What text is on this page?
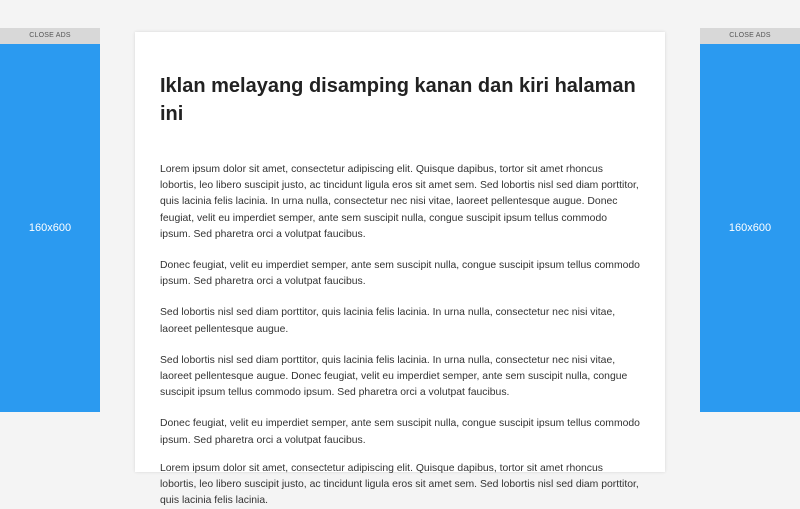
CLOSE ADS
160x600
Iklan melayang disamping kanan dan kiri halaman ini

Lorem ipsum dolor sit amet, consectetur adipiscing elit. Quisque dapibus, tortor sit amet rhoncus lobortis, leo libero suscipit justo, ac tincidunt ligula eros sit amet sem. Sed lobortis nisl sed diam porttitor, quis lacinia felis lacinia. In urna nulla, consectetur nec nisi vitae, laoreet pellentesque augue. Donec feugiat, velit eu imperdiet semper, ante sem suscipit nulla, congue suscipit ipsum tellus commodo ipsum. Sed pharetra orci a volutpat faucibus.

Donec feugiat, velit eu imperdiet semper, ante sem suscipit nulla, congue suscipit ipsum tellus commodo ipsum. Sed pharetra orci a volutpat faucibus.

Sed lobortis nisl sed diam porttitor, quis lacinia felis lacinia. In urna nulla, consectetur nec nisi vitae, laoreet pellentesque augue.

Sed lobortis nisl sed diam porttitor, quis lacinia felis lacinia. In urna nulla, consectetur nec nisi vitae, laoreet pellentesque augue. Donec feugiat, velit eu imperdiet semper, ante sem suscipit nulla, congue suscipit ipsum tellus commodo ipsum. Sed pharetra orci a volutpat faucibus.

Donec feugiat, velit eu imperdiet semper, ante sem suscipit nulla, congue suscipit ipsum tellus commodo ipsum. Sed pharetra orci a volutpat faucibus.

Lorem ipsum dolor sit amet, consectetur adipiscing elit. Quisque dapibus, tortor sit amet rhoncus lobortis, leo libero suscipit justo, ac tincidunt ligula eros sit amet sem. Sed lobortis nisl sed diam porttitor, quis lacinia felis lacinia.

CLOSE ADS
160x600
